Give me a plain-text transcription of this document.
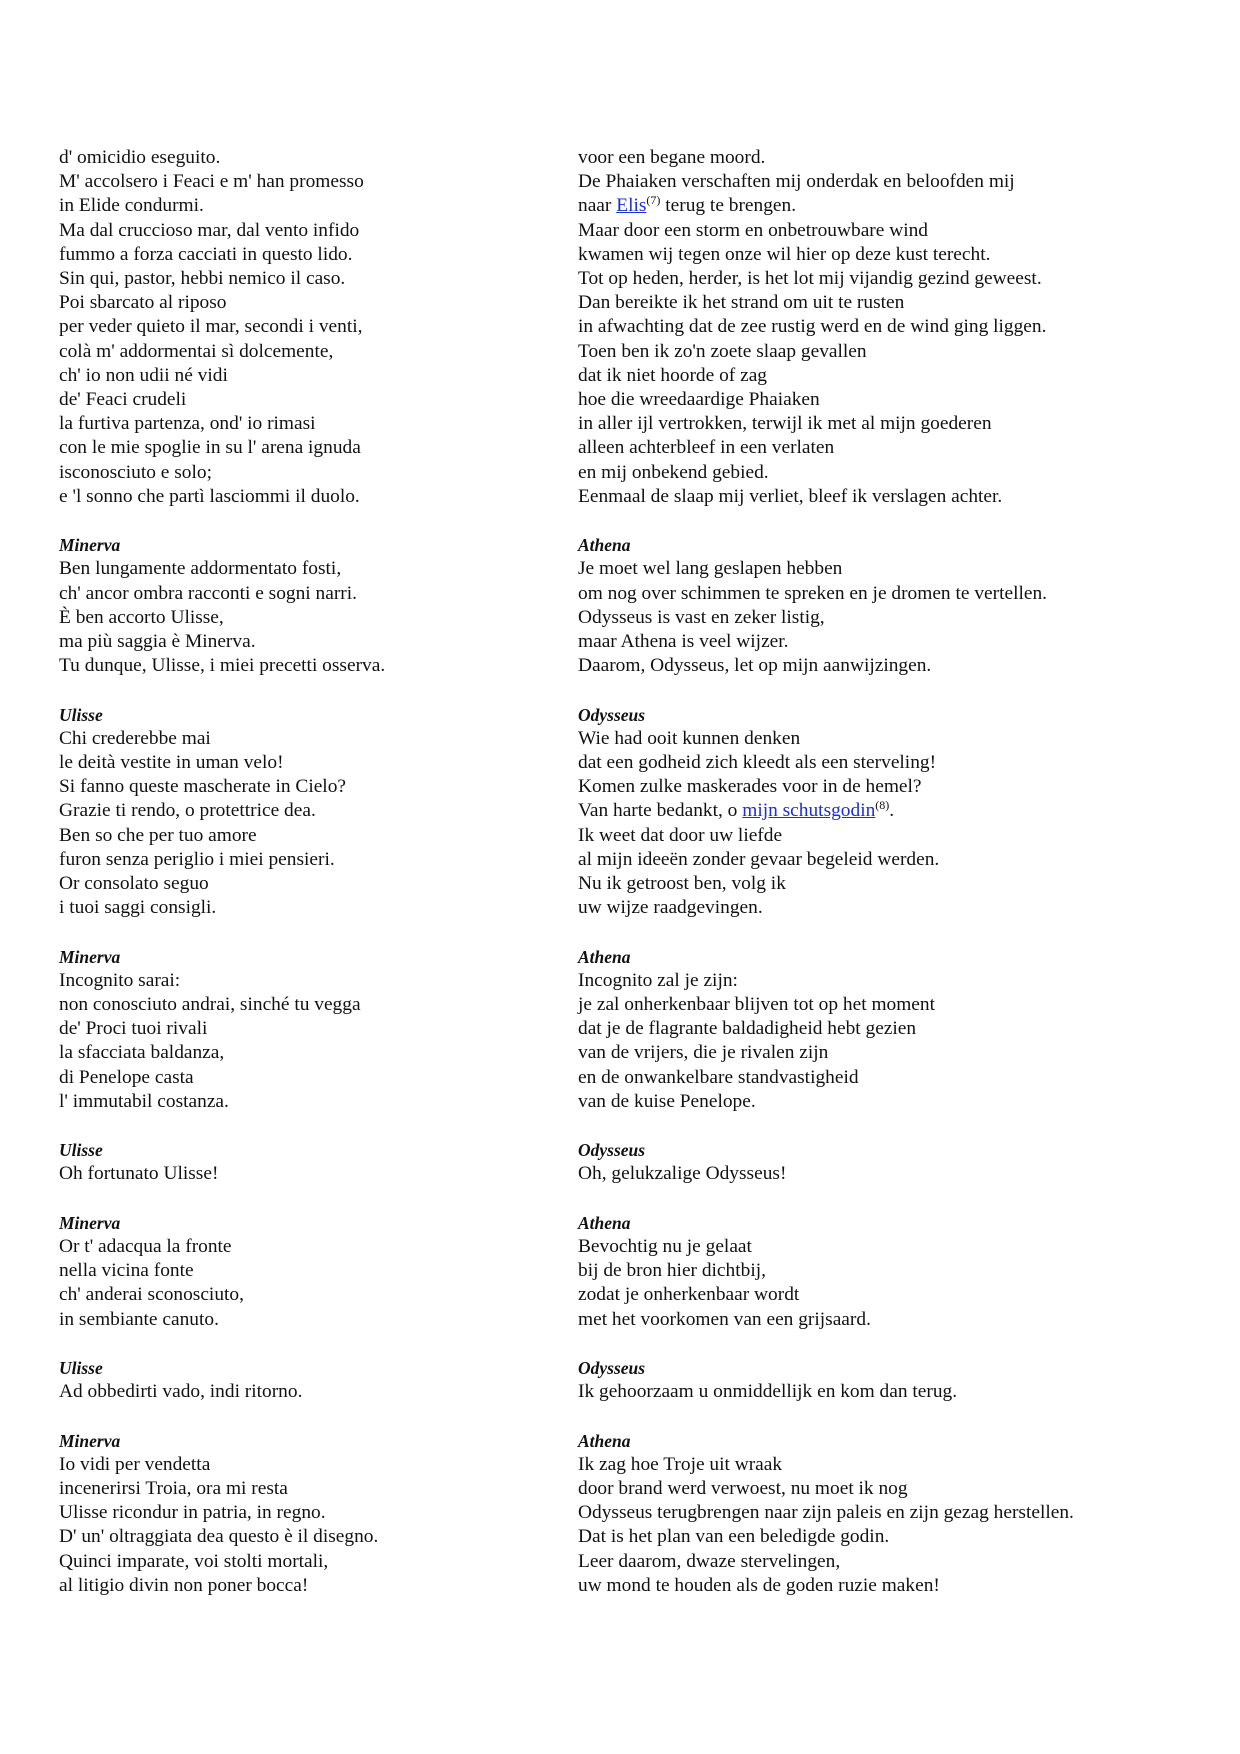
d' omicidio eseguito.
M' accolsero i Feaci e m' han promesso
in Elide condurmi.
Ma dal cruccioso mar, dal vento infido
fummo a forza cacciati in questo lido.
Sin qui, pastor, hebbi nemico il caso.
Poi sbarcato al riposo
per veder quieto il mar, secondi i venti,
colà m' addormentai sì dolcemente,
ch' io non udii né vidi
de' Feaci crudeli
la furtiva partenza, ond' io rimasi
con le mie spoglie in su l' arena ignuda
isconosciuto e solo;
e 'l sonno che partì lasciommi il duolo.
Minerva
Ben lungamente addormentato fosti,
ch' ancor ombra racconti e sogni narri.
È ben accorto Ulisse,
ma più saggia è Minerva.
Tu dunque, Ulisse, i miei precetti osserva.
Ulisse
Chi crederebbe mai
le deità vestite in uman velo!
Si fanno queste mascherate in Cielo?
Grazie ti rendo, o protettrice dea.
Ben so che per tuo amore
furon senza periglio i miei pensieri.
Or consolato seguo
i tuoi saggi consigli.
Minerva
Incognito sarai:
non conosciuto andrai, sinché tu vegga
de' Proci tuoi rivali
la sfacciata baldanza,
di Penelope casta
l' immutabil costanza.
Ulisse
Oh fortunato Ulisse!
Minerva
Or t' adacqua la fronte
nella vicina fonte
ch' anderai sconosciuto,
in sembiante canuto.
Ulisse
Ad obbedirti vado, indi ritorno.
Minerva
Io vidi per vendetta
incenerirsi Troia, ora mi resta
Ulisse ricondur in patria, in regno.
D' un' oltraggiata dea questo è il disegno.
Quinci imparate, voi stolti mortali,
al litigio divin non poner bocca!
voor een begane moord.
De Phaiaken verschaften mij onderdak en beloofden mij
naar Elis$^{(7)}$ terug te brengen.
Maar door een storm en onbetrouwbare wind
kwamen wij tegen onze wil hier op deze kust terecht.
Tot op heden, herder, is het lot mij vijandig gezind geweest.
Dan bereikte ik het strand om uit te rusten
in afwachting dat de zee rustig werd en de wind ging liggen.
Toen ben ik zo'n zoete slaap gevallen
dat ik niet hoorde of zag
hoe die wreedaardige Phaiaken
in aller ijl vertrokken, terwijl ik met al mijn goederen
alleen achterbleef in een verlaten
en mij onbekend gebied.
Eenmaal de slaap mij verliet, bleef ik verslagen achter.
Athena
Je moet wel lang geslapen hebben
om nog over schimmen te spreken en je dromen te vertellen.
Odysseus is vast en zeker listig,
maar Athena is veel wijzer.
Daarom, Odysseus, let op mijn aanwijzingen.
Odysseus
Wie had ooit kunnen denken
dat een godheid zich kleedt als een sterveling!
Komen zulke maskerades voor in de hemel?
Van harte bedankt, o mijn schutsgodin$^{(8)}$.
Ik weet dat door uw liefde
al mijn ideeën zonder gevaar begeleid werden.
Nu ik getroost ben, volg ik
uw wijze raadgevingen.
Athena
Incognito zal je zijn:
je zal onherkenbaar blijven tot op het moment
dat je de flagrante baldadigheid hebt gezien
van de vrijers, die je rivalen zijn
en de onwankelbare standvastigheid
van de kuise Penelope.
Odysseus
Oh, gelukzalige Odysseus!
Athena
Bevochtig nu je gelaat
bij de bron hier dichtbij,
zodat je onherkenbaar wordt
met het voorkomen van een grijsaard.
Odysseus
Ik gehoorzaam u onmiddellijk en kom dan terug.
Athena
Ik zag hoe Troje uit wraak
door brand werd verwoest, nu moet ik nog
Odysseus terugbrengen naar zijn paleis en zijn gezag herstellen.
Dat is het plan van een beledigde godin.
Leer daarom, dwaze stervelingen,
uw mond te houden als de goden ruzie maken!
